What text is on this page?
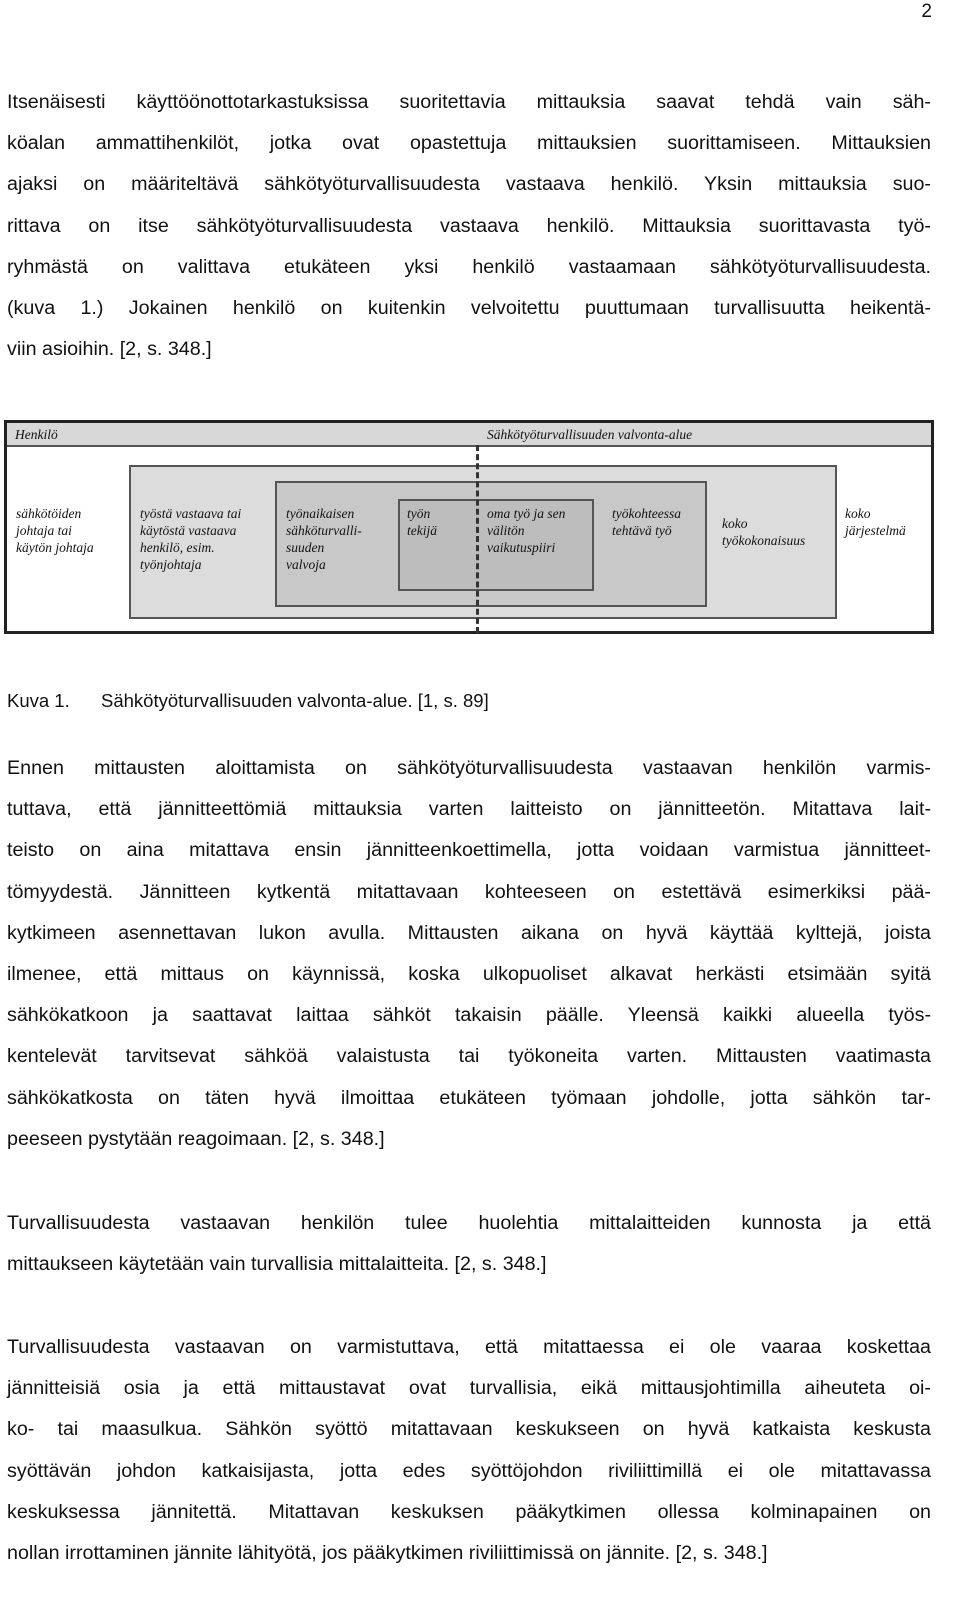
2

Itsenäisesti käyttöönottotarkastuksissa suoritettavia mittauksia saavat tehdä vain säh-
köalan ammattihenkilöt, jotka ovat opastettuja mittauksien suorittamiseen. Mittauksien
ajaksi on määriteltävä sähkötyöturvallisuudesta vastaava henkilö. Yksin mittauksia suo-
rittava on itse sähkötyöturvallisuudesta vastaava henkilö. Mittauksia suorittavasta työ-
ryhmästä on valittava etukäteen yksi henkilö vastaamaan sähkötyöturvallisuudesta.
(kuva 1.) Jokainen henkilö on kuitenkin velvoitettu puuttumaan turvallisuutta heikentä-
viin asioihin. [2, s. 348.]

Henkilö	Sähkötyöturvallisuuden valvonta-alue
sähkötöiden
johtaja tai
käytön johtaja
työstä vastaava tai
käytöstä vastaava
henkilö, esim.
työnjohtaja
työnaikaisen
sähköturvalli-
suuden
valvoja
työn
tekijä
oma työ ja sen
välitön
vaikutuspiiri
työkohteessa
tehtävä työ	koko
työkokonaisuus
koko
järjestelmä
Kuva 1. Sähkötyöturvallisuuden valvonta-alue. [1, s. 89]

Ennen mittausten aloittamista on sähkötyöturvallisuudesta vastaavan henkilön varmis-
tuttava, että jännitteettömiä mittauksia varten laitteisto on jännitteetön. Mitattava lait-
teisto on aina mitattava ensin jännitteenkoettimella, jotta voidaan varmistua jännitteet-
tömyydestä. Jännitteen kytkentä mitattavaan kohteeseen on estettävä esimerkiksi pää-
kytkimeen asennettavan lukon avulla. Mittausten aikana on hyvä käyttää kylttejä, joista
ilmenee, että mittaus on käynnissä, koska ulkopuoliset alkavat herkästi etsimään syitä
sähkökatkoon ja saattavat laittaa sähköt takaisin päälle. Yleensä kaikki alueella työs-
kentelevät tarvitsevat sähköä valaistusta tai työkoneita varten. Mittausten vaatimasta
sähkökatkosta on täten hyvä ilmoittaa etukäteen työmaan johdolle, jotta sähkön tar-
peeseen pystytään reagoimaan. [2, s. 348.]

Turvallisuudesta vastaavan henkilön tulee huolehtia mittalaitteiden kunnosta ja että
mittaukseen käytetään vain turvallisia mittalaitteita. [2, s. 348.]

Turvallisuudesta vastaavan on varmistuttava, että mitattaessa ei ole vaaraa koskettaa
jännitteisiä osia ja että mittaustavat ovat turvallisia, eikä mittausjohtimilla aiheuteta oi-
ko- tai maasulkua. Sähkön syöttö mitattavaan keskukseen on hyvä katkaista keskusta
syöttävän johdon katkaisijasta, jotta edes syöttöjohdon riviliittimillä ei ole mitattavassa
keskuksessa jännitettä. Mitattavan keskuksen pääkytkimen ollessa kolminapainen on
nollan irrottaminen jännite lähityötä, jos pääkytkimen riviliittimissä on jännite. [2, s. 348.]
